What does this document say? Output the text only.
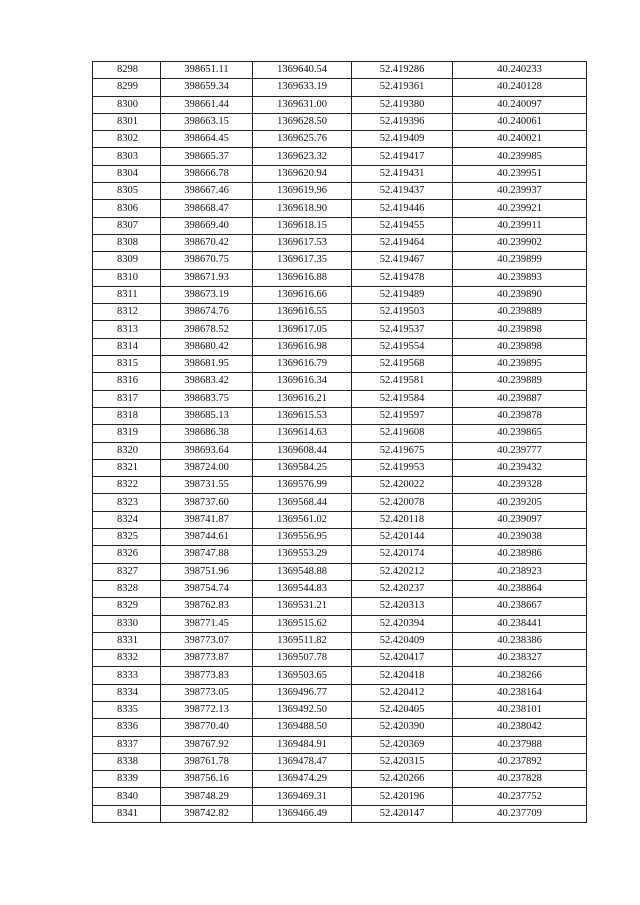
8298	398651.11	1369640.54	52.419286	40.240233
8299	398659.34	1369633.19	52.419361	40.240128
8300	398661.44	1369631.00	52.419380	40.240097
8301	398663.15	1369628.50	52.419396	40.240061
8302	398664.45	1369625.76	52.419409	40.240021
8303	398665.37	1369623.32	52.419417	40.239985
8304	398666.78	1369620.94	52.419431	40.239951
8305	398667.46	1369619.96	52.419437	40.239937
8306	398668.47	1369618.90	52.419446	40.239921
8307	398669.40	1369618.15	52.419455	40.239911
8308	398670.42	1369617.53	52.419464	40.239902
8309	398670.75	1369617.35	52.419467	40.239899
8310	398671.93	1369616.88	52.419478	40.239893
8311	398673.19	1369616.66	52.419489	40.239890
8312	398674.76	1369616.55	52.419503	40.239889
8313	398678.52	1369617.05	52.419537	40.239898
8314	398680.42	1369616.98	52.419554	40.239898
8315	398681.95	1369616.79	52.419568	40.239895
8316	398683.42	1369616.34	52.419581	40.239889
8317	398683.75	1369616.21	52.419584	40.239887
8318	398685.13	1369615.53	52.419597	40.239878
8319	398686.38	1369614.63	52.419608	40.239865
8320	398693.64	1369608.44	52.419675	40.239777
8321	398724.00	1369584.25	52.419953	40.239432
8322	398731.55	1369576.99	52.420022	40.239328
8323	398737.60	1369568.44	52.420078	40.239205
8324	398741.87	1369561.02	52.420118	40.239097
8325	398744.61	1369556.95	52.420144	40.239038
8326	398747.88	1369553.29	52.420174	40.238986
8327	398751.96	1369548.88	52.420212	40.238923
8328	398754.74	1369544.83	52.420237	40.238864
8329	398762.83	1369531.21	52.420313	40.238667
8330	398771.45	1369515.62	52.420394	40.238441
8331	398773.07	1369511.82	52.420409	40.238386
8332	398773.87	1369507.78	52.420417	40.238327
8333	398773.83	1369503.65	52.420418	40.238266
8334	398773.05	1369496.77	52.420412	40.238164
8335	398772.13	1369492.50	52.420405	40.238101
8336	398770.40	1369488.50	52.420390	40.238042
8337	398767.92	1369484.91	52.420369	40.237988
8338	398761.78	1369478.47	52.420315	40.237892
8339	398756.16	1369474.29	52.420266	40.237828
8340	398748.29	1369469.31	52.420196	40.237752
8341	398742.82	1369466.49	52.420147	40.237709
